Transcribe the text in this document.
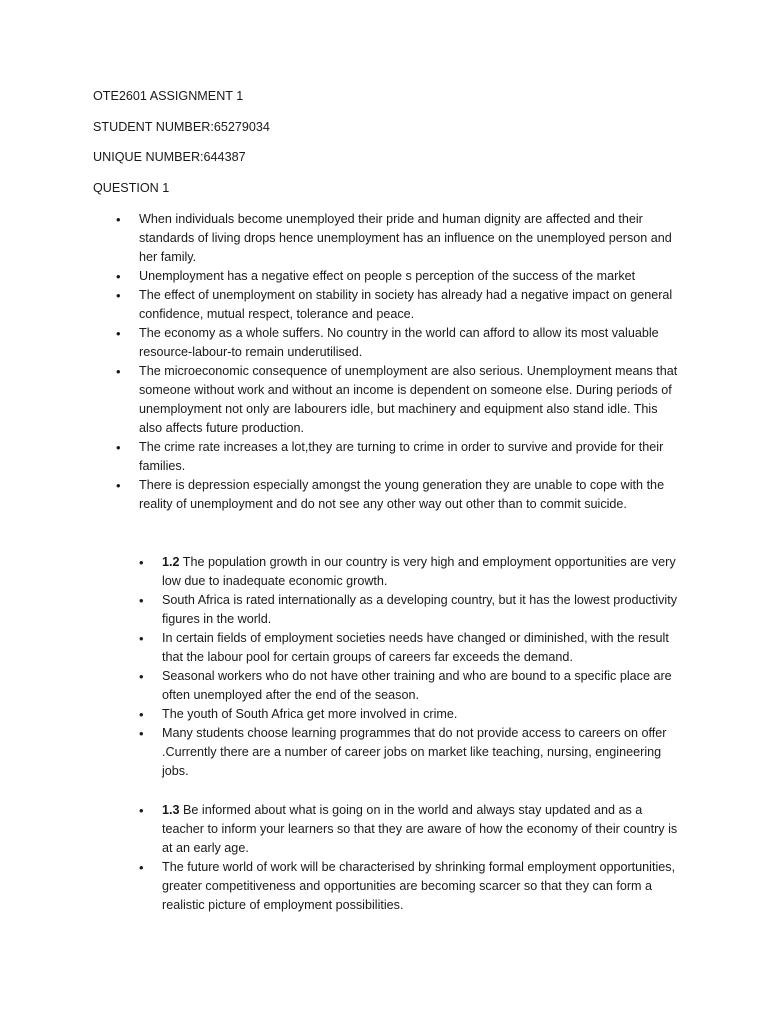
OTE2601 ASSIGNMENT 1
STUDENT NUMBER:65279034
UNIQUE NUMBER:644387
QUESTION 1
• When individuals become unemployed their pride and human dignity are affected and their standards of living drops hence unemployment has an influence on the unemployed person and her family.
• Unemployment has a negative effect on people s perception of the success of the market
• The effect of unemployment on stability in society has already had a negative impact on general confidence, mutual respect, tolerance and peace.
• The economy as a whole suffers. No country in the world can afford to allow its most valuable resource-labour-to remain underutilised.
• The microeconomic consequence of unemployment are also serious. Unemployment means that someone without work and without an income is dependent on someone else. During periods of unemployment not only are labourers idle, but machinery and equipment also stand idle. This also affects future production.
• The crime rate increases a lot,they are turning to crime in order to survive and provide for their families.
• There is depression especially amongst the young generation they are unable to cope with the reality of unemployment and do not see any other way out other than to commit suicide.
• 1.2 The population growth in our country is very high and employment opportunities are very low due to inadequate economic growth.
• South Africa is rated internationally as a developing country, but it has the lowest productivity figures in the world.
• In certain fields of employment societies needs have changed or diminished, with the result that the labour pool for certain groups of careers far exceeds the demand.
• Seasonal workers who do not have other training and who are bound to a specific place are often unemployed after the end of the season.
• The youth of South Africa get more involved in crime.
• Many students choose learning programmes that do not provide access to careers on offer .Currently there are a number of career jobs on market like teaching, nursing, engineering jobs.
• 1.3 Be informed about what is going on in the world and always stay updated and as a teacher to inform your learners so that they are aware of how the economy of their country is at an early age.
• The future world of work will be characterised by shrinking formal employment opportunities, greater competitiveness and opportunities are becoming scarcer so that they can form a realistic picture of employment possibilities.
